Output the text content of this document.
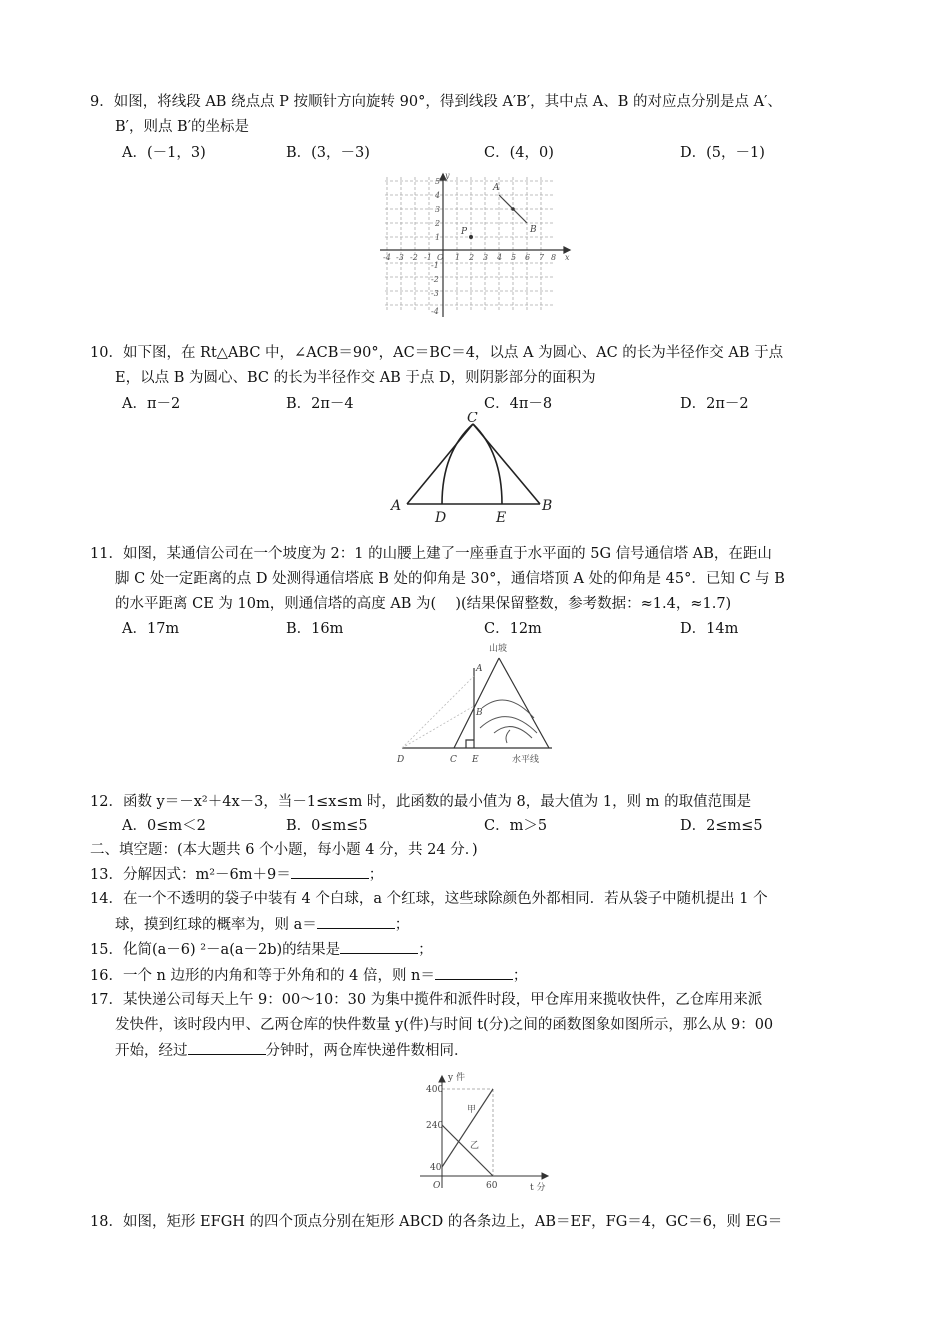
9．如图，将线段 AB 绕点点 P 按顺针方向旋转 90°，得到线段 A′B′，其中点 A、B 的对应点分别是点 A′、
B′，则点 B′的坐标是
A．(－1，3)	B．(3，－3)	C．(4，0)	D．(5，－1)
-4 -3 -2 -1 O 1 2 3 4 5 6 7 8 x
y
5
4
3
2
1
-1
-2
-3
-4
A
B
P
10．如下图，在 Rt△ABC 中，∠ACB＝90°，AC＝BC＝4，以点 A 为圆心、AC 的长为半径作交 AB 于点
E，以点 B 为圆心、BC 的长为半径作交 AB 于点 D，则阴影部分的面积为
A．π－2	B．2π－4	C．4π－8	D．2π－2
C
A	B
D	E
11．如图，某通信公司在一个坡度为 2：1 的山腰上建了一座垂直于水平面的 5G 信号通信塔 AB，在距山
脚 C 处一定距离的点 D 处测得通信塔底 B 处的仰角是 30°，通信塔顶 A 处的仰角是 45°．已知 C 与 B
的水平距离 CE 为 10m，则通信塔的高度 AB 为(　 )(结果保留整数，参考数据：≈1.4，≈1.7)
A．17m	B．16m	C．12m	D．14m
山坡
A
B
C E
D	水平线
12．函数 y＝－x²＋4x－3，当－1≤x≤m 时，此函数的最小值为 8，最大值为 1，则 m 的取值范围是
A．0≤m＜2	B．0≤m≤5	C．m＞5	D．2≤m≤5
二、填空题：(本大题共 6 个小题，每小题 4 分，共 24 分．)
13．分解因式：m²－6m＋9＝	；
14．在一个不透明的袋子中装有 4 个白球，a 个红球，这些球除颜色外都相同．若从袋子中随机提出 1 个
球，摸到红球的概率为，则 a＝	；
15．化简(a－6) ²－a(a－2b)的结果是	；
16．一个 n 边形的内角和等于外角和的 4 倍，则 n＝	；
17．某快递公司每天上午 9：00～10：30 为集中揽件和派件时段，甲仓库用来揽收快件，乙仓库用来派
发快件，该时段内甲、乙两仓库的快件数量 y(件)与时间 t(分)之间的函数图象如图所示，那么从 9：00
开始，经过	分钟时，两仓库快递件数相同．
400
240
40
O	60
y 件
t 分
甲
乙
18．如图，矩形 EFGH 的四个顶点分别在矩形 ABCD 的各条边上，AB＝EF，FG＝4，GC＝6，则 EG＝
